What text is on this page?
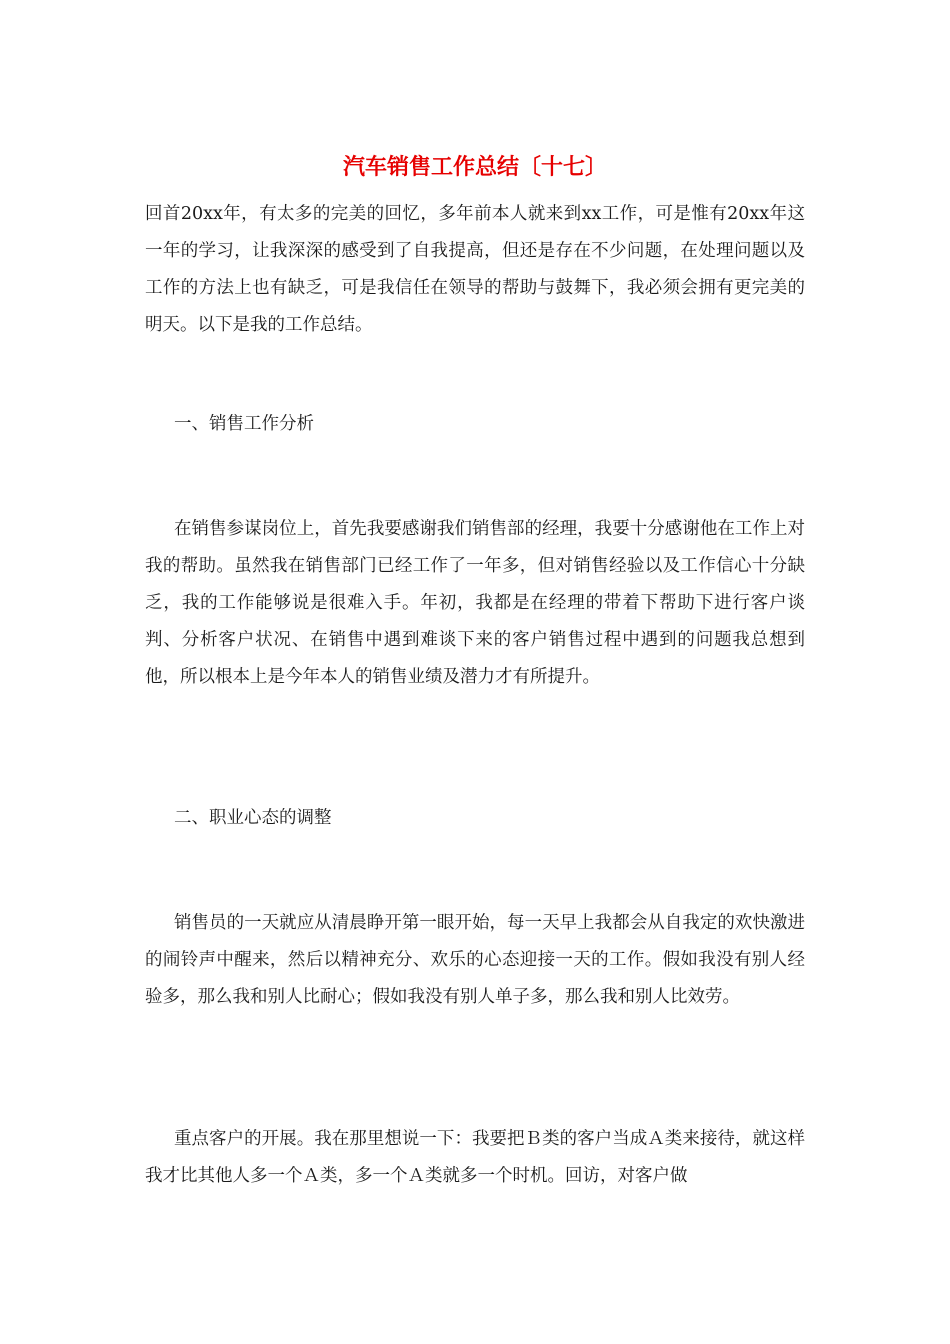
汽车销售工作总结〔十七〕

回首20xx年，有太多的完美的回忆，多年前本人就来到xx工作，可是惟有20xx年这一年的学习，让我深深的感受到了自我提高，但还是存在不少问题，在处理问题以及工作的方法上也有缺乏，可是我信任在领导的帮助与鼓舞下，我必须会拥有更完美的明天。以下是我的工作总结。

一、销售工作分析

在销售参谋岗位上，首先我要感谢我们销售部的经理，我要十分感谢他在工作上对我的帮助。虽然我在销售部门已经工作了一年多，但对销售经验以及工作信心十分缺乏，我的工作能够说是很难入手。年初，我都是在经理的带着下帮助下进行客户谈判、分析客户状况、在销售中遇到难谈下来的客户销售过程中遇到的问题我总想到他，所以根本上是今年本人的销售业绩及潜力才有所提升。

二、职业心态的调整

销售员的一天就应从清晨睁开第一眼开始，每一天早上我都会从自我定的欢快激进的闹铃声中醒来，然后以精神充分、欢乐的心态迎接一天的工作。假如我没有别人经验多，那么我和别人比耐心；假如我没有别人单子多，那么我和别人比效劳。

重点客户的开展。我在那里想说一下：我要把Ｂ类的客户当成Ａ类来接待，就这样我才比其他人多一个Ａ类，多一个Ａ类就多一个时机。回访，对客户做
